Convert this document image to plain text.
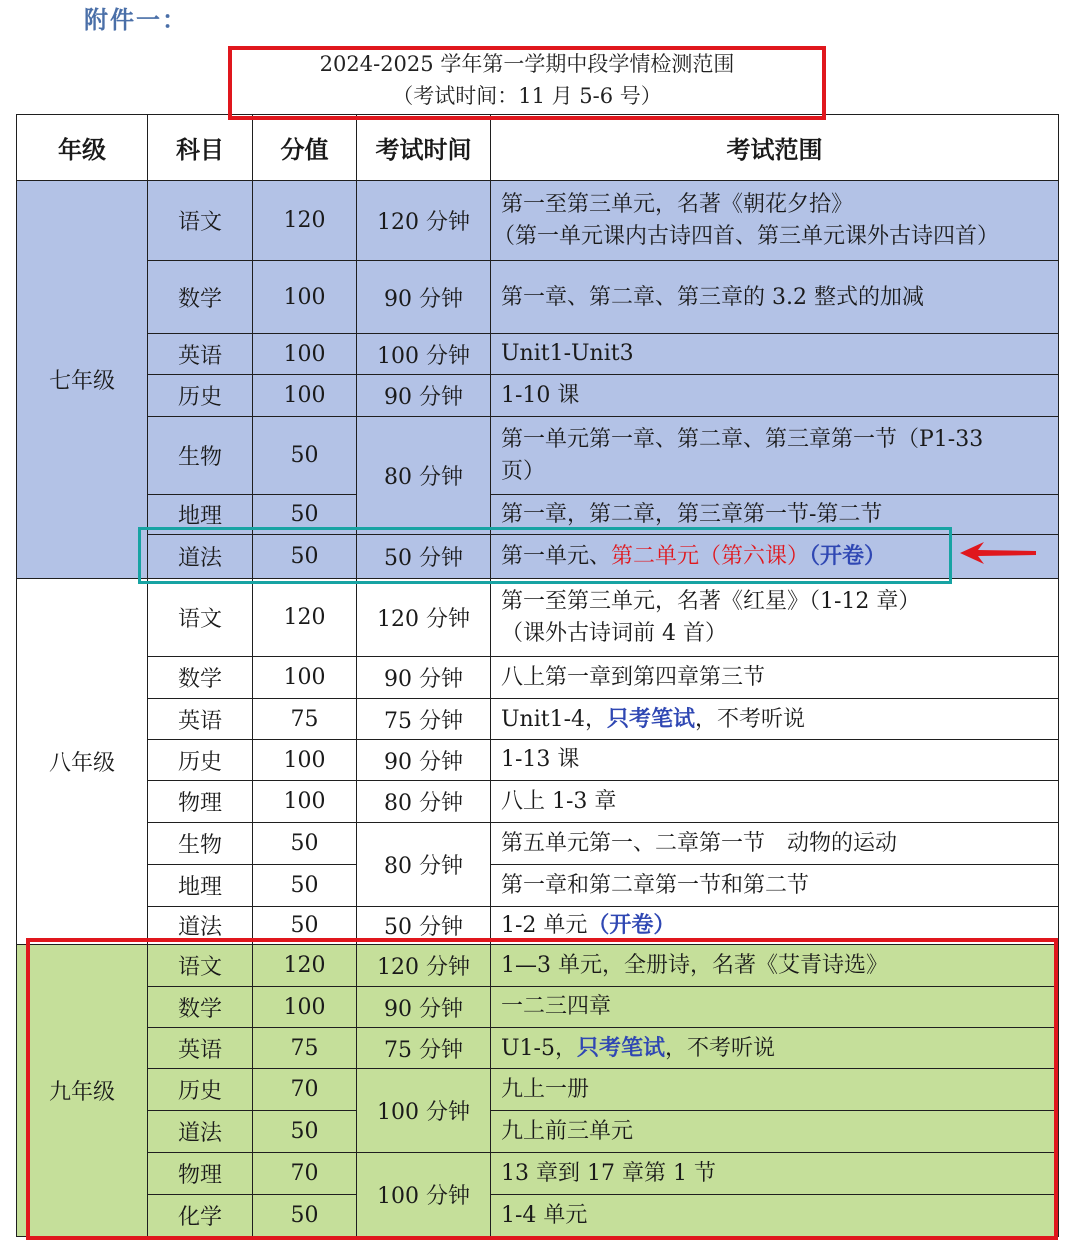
附件一：
2024-2025 学年第一学期中段学情检测范围
（考试时间：11 月 5-6 号）
年级	科目	分值	考试时间	考试范围
七年级	语文	120	120 分钟	第一至第三单元，名著《朝花夕拾》
（第一单元课内古诗四首、第三单元课外古诗四首）

	数学	100	90 分钟	第一章、第二章、第三章的 3.2 整式的加减
	英语	100	100 分钟	Unit1-Unit3
	历史	100	90 分钟	1-10 课
	生物	50	80 分钟	第一单元第一章、第二章、第三章第一节（P1-33
页）

	地理	50		第一章，第二章，第三章第一节-第二节
	道法	50	50 分钟	第一单元、第二单元（第六课）（开卷）
八年级	语文	120	120 分钟	第一至第三单元，名著《红星》（1-12 章）
（课外古诗词前 4 首）

	数学	100	90 分钟	八上第一章到第四章第三节
	英语	75	75 分钟	Unit1-4，只考笔试，不考听说
	历史	100	90 分钟	1-13 课
	物理	100	80 分钟	八上 1-3 章
	生物	50	80 分钟	第五单元第一、二章第一节　动物的运动
	地理	50		第一章和第二章第一节和第二节
	道法	50	50 分钟	1-2 单元（开卷）
九年级	语文	120	120 分钟	1—3 单元，全册诗，名著《艾青诗选》
	数学	100	90 分钟	一二三四章
	英语	75	75 分钟	U1-5，只考笔试，不考听说
	历史	70	100 分钟	九上一册
	道法	50		九上前三单元
	物理	70	100 分钟	13 章到 17 章第 1 节
	化学	50		1-4 单元
